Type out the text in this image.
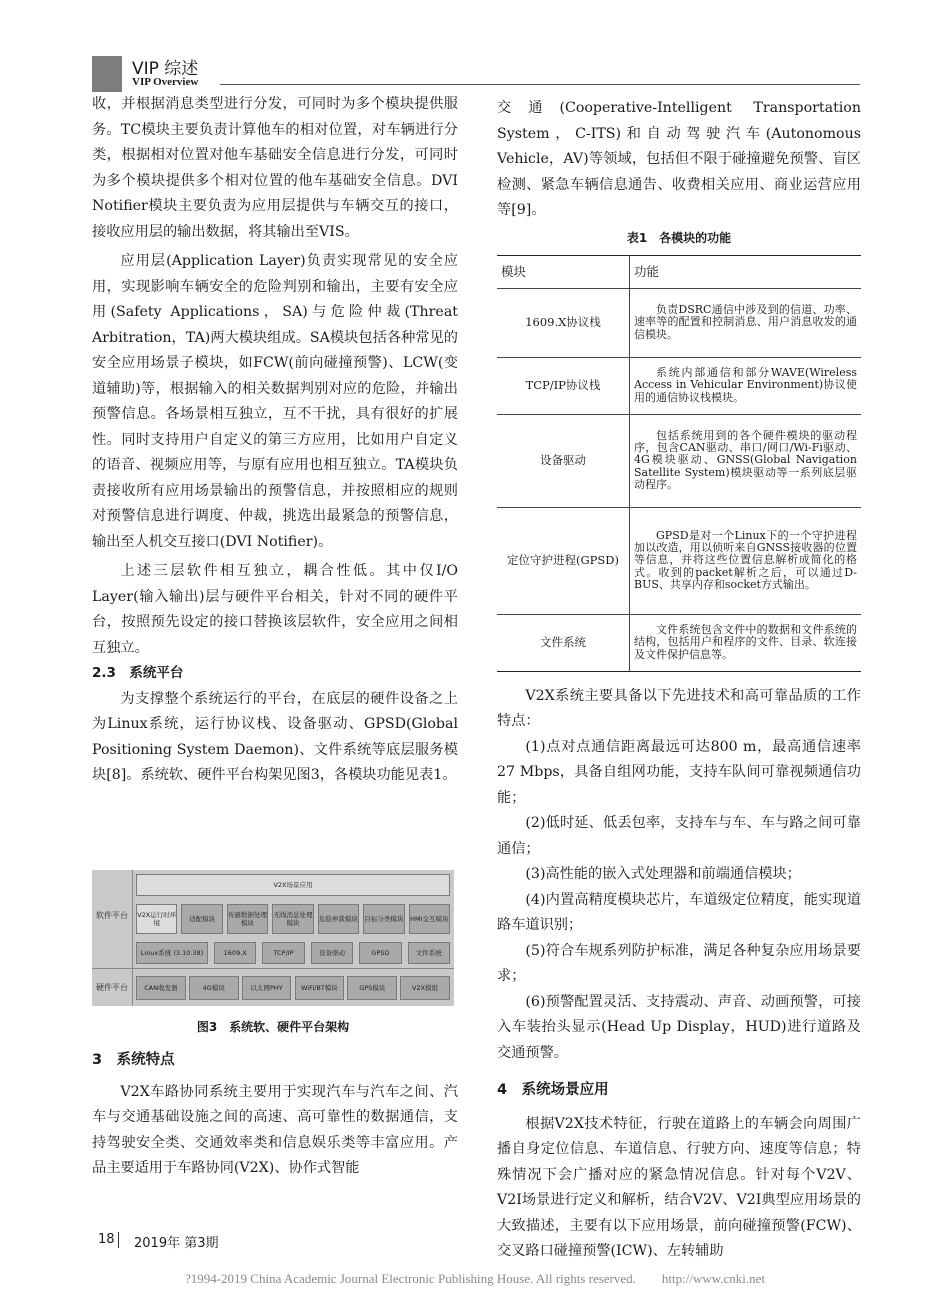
VIP 综述
VIP Overview

收，并根据消息类型进行分发，可同时为多个模块提供服务。TC模块主要负责计算他车的相对位置，对车辆进行分类，根据相对位置对他车基础安全信息进行分发，可同时为多个模块提供多个相对位置的他车基础安全信息。DVI Notifier模块主要负责为应用层提供与车辆交互的接口，接收应用层的输出数据，将其输出至VIS。

应用层(Application Layer)负责实现常见的安全应用，实现影响车辆安全的危险判别和输出，主要有安全应用(Safety Applications，SA)与危险仲裁(Threat Arbitration，TA)两大模块组成。SA模块包括各种常见的安全应用场景子模块，如FCW(前向碰撞预警)、LCW(变道辅助)等，根据输入的相关数据判别对应的危险，并输出预警信息。各场景相互独立，互不干扰，具有很好的扩展性。同时支持用户自定义的第三方应用，比如用户自定义的语音、视频应用等，与原有应用也相互独立。TA模块负责接收所有应用场景输出的预警信息，并按照相应的规则对预警信息进行调度、仲裁，挑选出最紧急的预警信息，输出至人机交互接口(DVI Notifier)。

上述三层软件相互独立，耦合性低。其中仅I/O Layer(输入输出)层与硬件平台相关，针对不同的硬件平台，按照预先设定的接口替换该层软件，安全应用之间相互独立。

2.3　系统平台

为支撑整个系统运行的平台，在底层的硬件设备之上为Linux系统，运行协议栈、设备驱动、GPSD(Global Positioning System Daemon)、文件系统等底层服务模块[8]。系统软、硬件平台构架见图3，各模块功能见表1。

软件平台
硬件平台
V2X场景应用
V2X运行时环境	适配模块	传感数据处理模块
无线消息处理模块	危险仲裁模块 目标分类模块 HMI交互模块
Linux系统 (3.10.38)	1609.X	TCP/IP	设备驱动	GPSD	文件系统
CAN收发器	4G模块	以太网PHY	WiFi/BT模块	GPS模块	V2X模组
图3　系统软、硬件平台架构

3　系统特点

V2X车路协同系统主要用于实现汽车与汽车之间、汽车与交通基础设施之间的高速、高可靠性的数据通信，支持驾驶安全类、交通效率类和信息娱乐类等丰富应用。产品主要适用于车路协同(V2X)、协作式智能

交通(Cooperative-Intelligent Transportation System，C-ITS)和自动驾驶汽车(Autonomous Vehicle，AV)等领域，包括但不限于碰撞避免预警、盲区检测、紧急车辆信息通告、收费相关应用、商业运营应用等[9]。

表1　各模块的功能
模块	功能
1609.X协议栈	负责DSRC通信中涉及到的信道、功率、速率等的配置和控制消息、用户消息收发的通信模块。
TCP/IP协议栈	系统内部通信和部分WAVE(Wireless Access in Vehicular Environment)协议使用的通信协议栈模块。
设备驱动	包括系统用到的各个硬件模块的驱动程序，包含CAN驱动、串口/网口/Wi-Fi驱动、4G模块驱动、GNSS(Global Navigation Satellite System)模块驱动等一系列底层驱动程序。
定位守护进程(GPSD)	GPSD是对一个Linux下的一个守护进程加以改造，用以侦听来自GNSS接收器的位置等信息，并将这些位置信息解析成简化的格式。收到的packet解析之后，可以通过D-BUS、共享内存和socket方式输出。
文件系统	文件系统包含文件中的数据和文件系统的结构，包括用户和程序的文件、目录、软连接及文件保护信息等。

V2X系统主要具备以下先进技术和高可靠品质的工作特点：

(1)点对点通信距离最远可达800 m，最高通信速率27 Mbps，具备自组网功能，支持车队间可靠视频通信功能；

(2)低时延、低丢包率，支持车与车、车与路之间可靠通信；

(3)高性能的嵌入式处理器和前端通信模块；

(4)内置高精度模块芯片，车道级定位精度，能实现道路车道识别；

(5)符合车规系列防护标准，满足各种复杂应用场景要求；

(6)预警配置灵活、支持震动、声音、动画预警，可接入车装抬头显示(Head Up Display，HUD)进行道路及交通预警。

4　系统场景应用

根据V2X技术特征，行驶在道路上的车辆会向周围广播自身定位信息、车道信息、行驶方向、速度等信息；特殊情况下会广播对应的紧急情况信息。针对每个V2V、V2I场景进行定义和解析，结合V2V、V2I典型应用场景的大致描述，主要有以下应用场景，前向碰撞预警(FCW)、交叉路口碰撞预警(ICW)、左转辅助

18 2019年 第3期
?1994-2019 China Academic Journal Electronic Publishing House. All rights reserved.　　http://www.cnki.net
